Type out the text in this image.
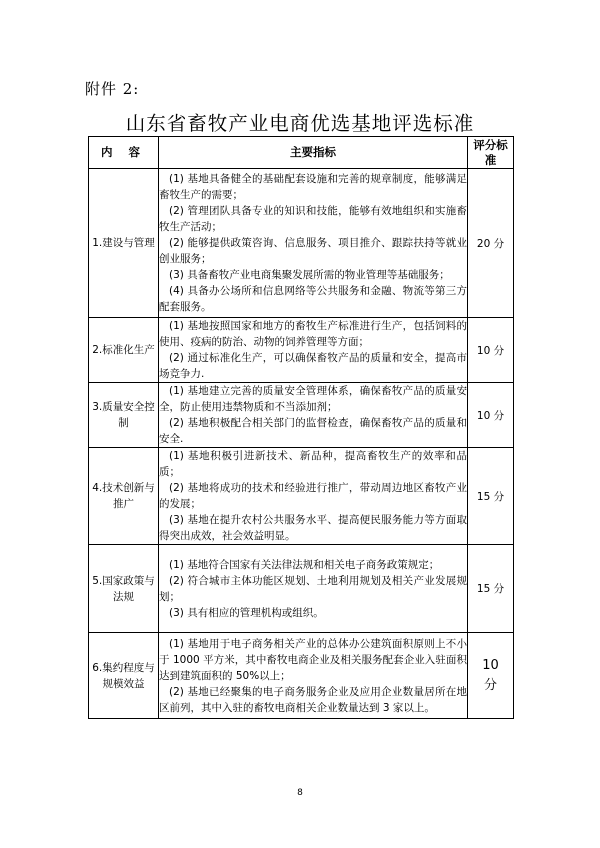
附件 2:
山东省畜牧产业电商优选基地评选标准
内 容	主要指标	评分标准
1.建设与管理	(1) 基地具备健全的基础配套设施和完善的规章制度，能够满足畜牧生产的需要；

(2) 管理团队具备专业的知识和技能，能够有效地组织和实施畜牧生产活动；

(2) 能够提供政策咨询、信息服务、项目推介、跟踪扶持等就业创业服务；

(3) 具备畜牧产业电商集聚发展所需的物业管理等基础服务；

(4) 具备办公场所和信息网络等公共服务和金融、物流等第三方配套服务。	20 分
2.标准化生产	(1) 基地按照国家和地方的畜牧生产标准进行生产，包括饲料的使用、疫病的防治、动物的饲养管理等方面；

(2) 通过标准化生产，可以确保畜牧产品的质量和安全，提高市场竞争力.	10 分
3.质量安全控制	(1) 基地建立完善的质量安全管理体系，确保畜牧产品的质量安全，防止使用违禁物质和不当添加剂；

(2) 基地积极配合相关部门的监督检查，确保畜牧产品的质量和安全.	10 分
4.技术创新与推广	(1) 基地积极引进新技术、新品种，提高畜牧生产的效率和品质；

(2) 基地将成功的技术和经验进行推广，带动周边地区畜牧产业的发展；

(3) 基地在提升农村公共服务水平、提高便民服务能力等方面取得突出成效，社会效益明显。	15 分
5.国家政策与法规	(1) 基地符合国家有关法律法规和相关电子商务政策规定；

(2) 符合城市主体功能区规划、土地利用规划及相关产业发展规划；

(3) 具有相应的管理机构或组织。	15 分
6.集约程度与规模效益	(1) 基地用于电子商务相关产业的总体办公建筑面积原则上不小于 1000 平方米，其中畜牧电商企业及相关服务配套企业入驻面积达到建筑面积的 50%以上；

(2) 基地已经聚集的电子商务服务企业及应用企业数量居所在地区前列，其中入驻的畜牧电商相关企业数量达到 3 家以上。	10 分
8
